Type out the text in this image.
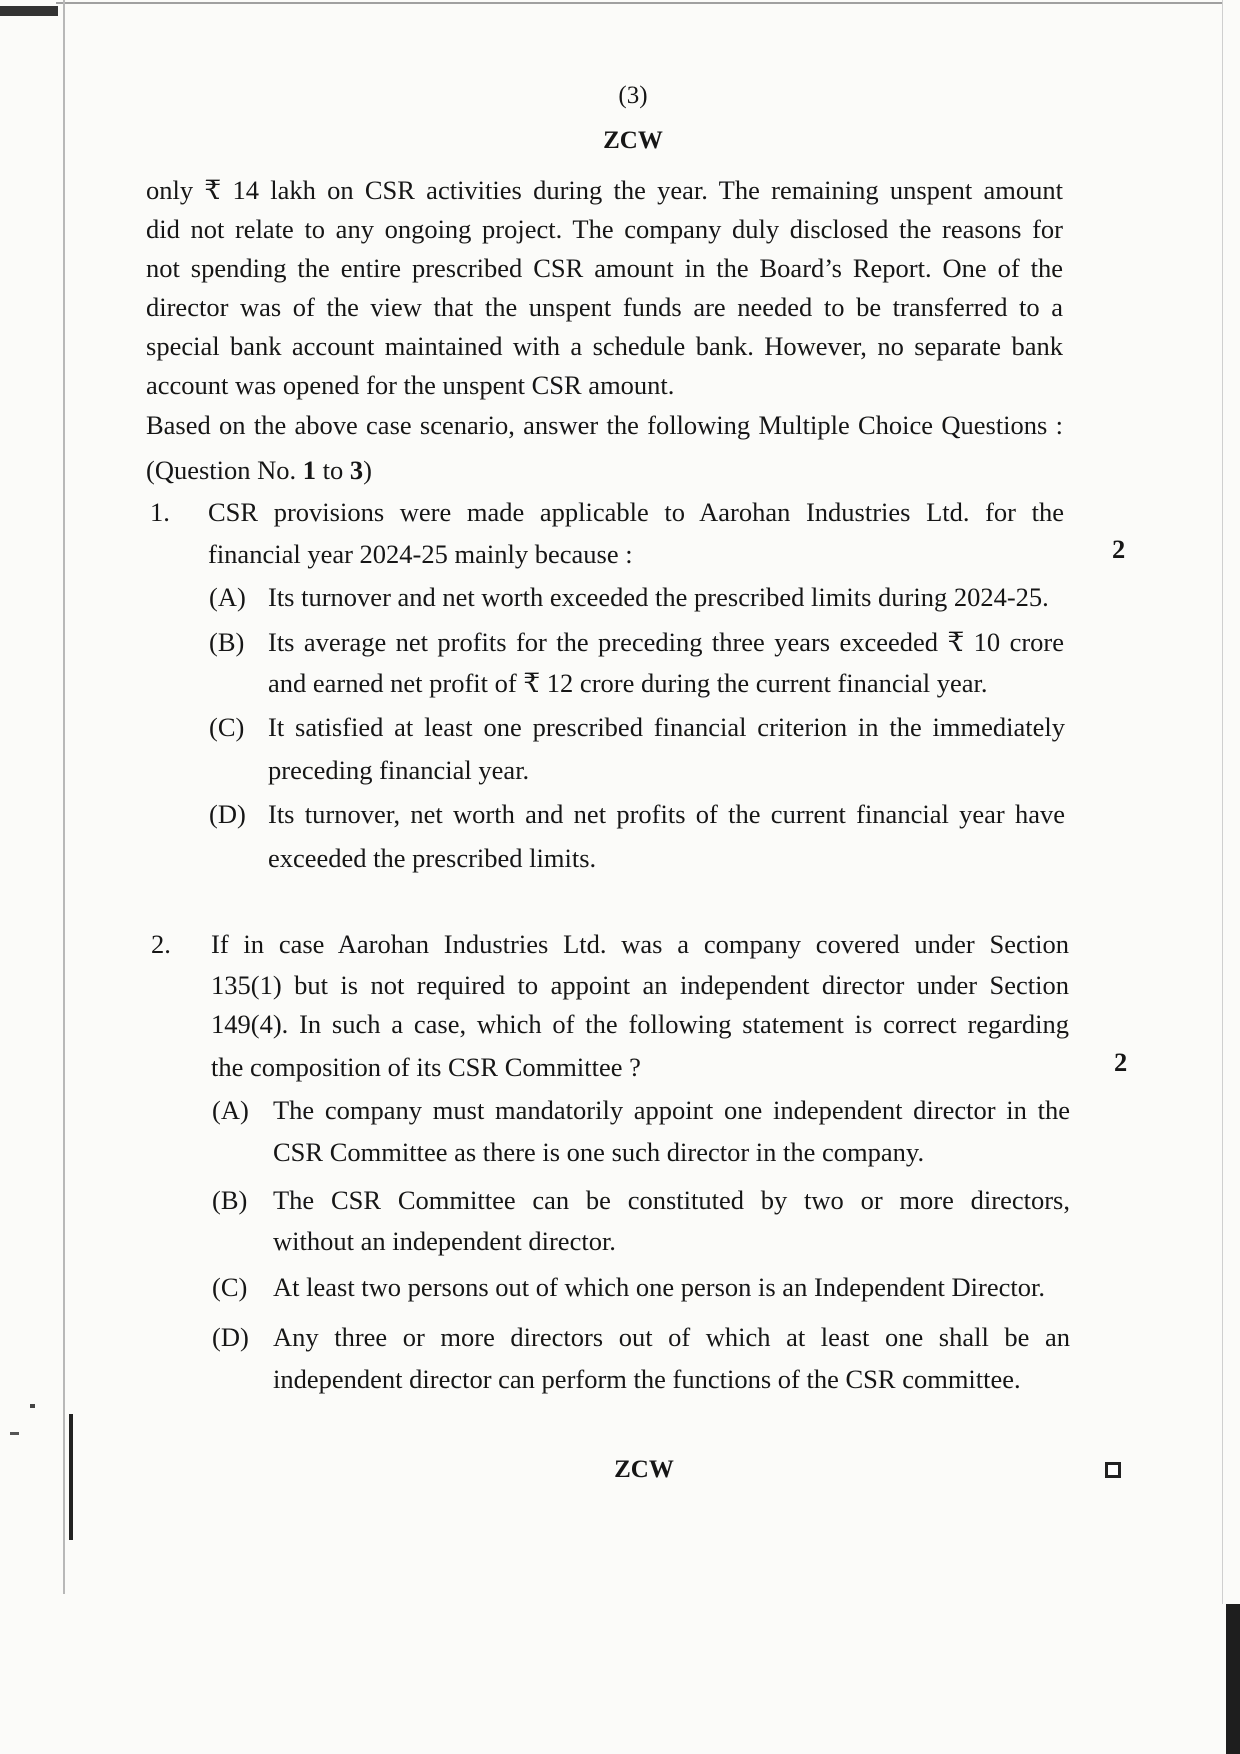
(3)
ZCW
only ₹ 14 lakh on CSR activities during the year. The remaining unspent amount
did not relate to any ongoing project. The company duly disclosed the reasons for
not spending the entire prescribed CSR amount in the Board’s Report. One of the
director was of the view that the unspent funds are needed to be transferred to a
special bank account maintained with a schedule bank. However, no separate bank
account was opened for the unspent CSR amount.
Based on the above case scenario, answer the following Multiple Choice Questions :
(Question No. 1 to 3)
1.	CSR provisions were made applicable to Aarohan Industries Ltd. for the
financial year 2024-25 mainly because :	2
(A) Its turnover and net worth exceeded the prescribed limits during 2024-25.
(B) Its average net profits for the preceding three years exceeded ₹ 10 crore
and earned net profit of ₹ 12 crore during the current financial year.
(C) It satisfied at least one prescribed financial criterion in the immediately
preceding financial year.
(D) Its turnover, net worth and net profits of the current financial year have
exceeded the prescribed limits.
2.	If in case Aarohan Industries Ltd. was a company covered under Section
135(1) but is not required to appoint an independent director under Section
149(4). In such a case, which of the following statement is correct regarding
the composition of its CSR Committee ?	2
(A) The company must mandatorily appoint one independent director in the
CSR Committee as there is one such director in the company.
(B) The CSR Committee can be constituted by two or more directors,
without an independent director.
(C) At least two persons out of which one person is an Independent Director.
(D) Any three or more directors out of which at least one shall be an
independent director can perform the functions of the CSR committee.
ZCW
